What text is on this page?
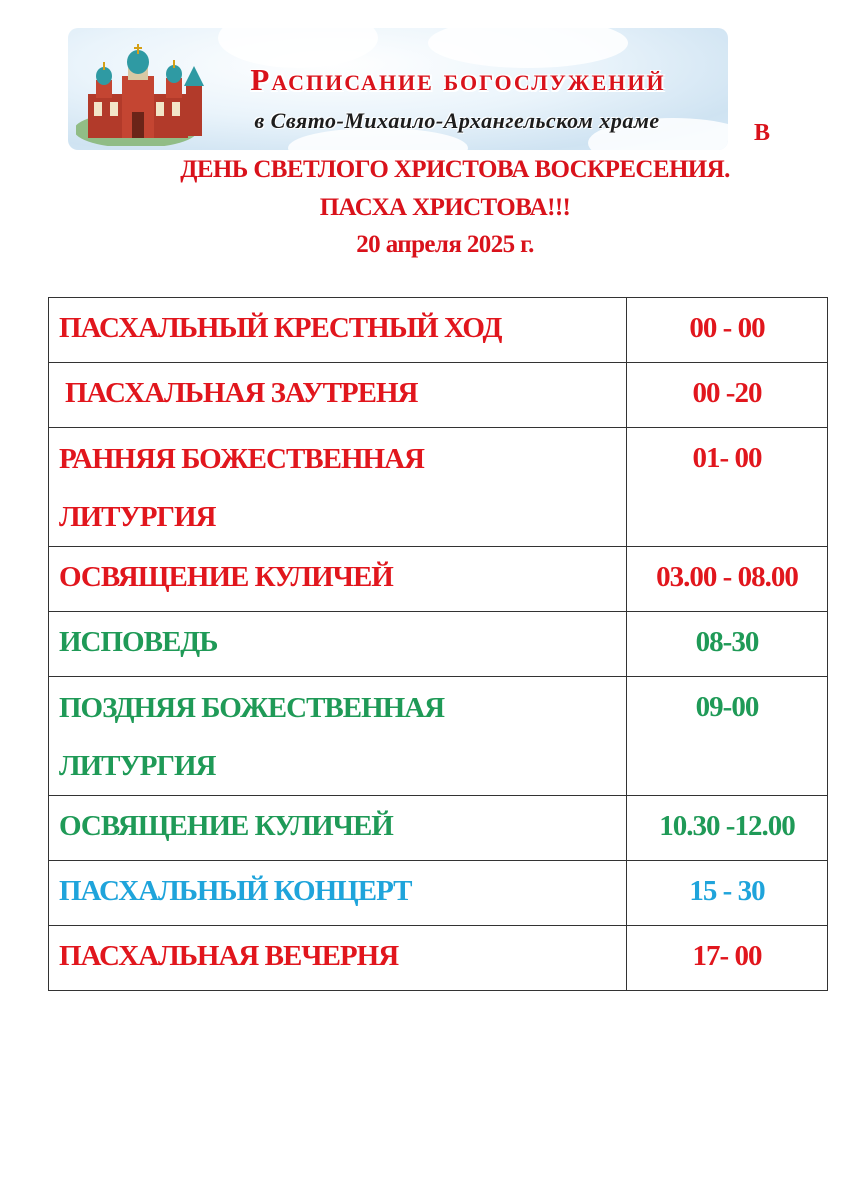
Расписание богослужений
в Свято-Михаило-Архангельском храме	В
ДЕНЬ СВЕТЛОГО ХРИСТОВА ВОСКРЕСЕНИЯ.
ПАСХА ХРИСТОВА!!!
20 апреля 2025 г.
ПАСХАЛЬНЫЙ КРЕСТНЫЙ ХОД	00 - 00
ПАСХАЛЬНАЯ ЗАУТРЕНЯ	00 -20

РАННЯЯ БОЖЕСТВЕННАЯ ЛИТУРГИЯ	01- 00
ОСВЯЩЕНИЕ КУЛИЧЕЙ	03.00 - 08.00
ИСПОВЕДЬ	08-30

ПОЗДНЯЯ БОЖЕСТВЕННАЯ ЛИТУРГИЯ	09-00
ОСВЯЩЕНИЕ КУЛИЧЕЙ	10.30 -12.00
ПАСХАЛЬНЫЙ КОНЦЕРТ	15 - 30
ПАСХАЛЬНАЯ ВЕЧЕРНЯ	17- 00
